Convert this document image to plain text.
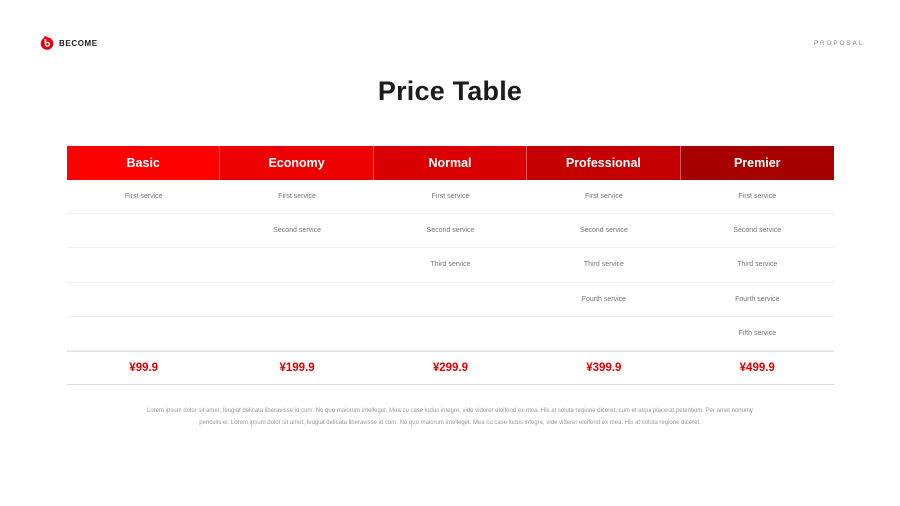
BECOME	PROPOSAL
Price Table
Basic
First service
¥99.9
Economy
First service
Second service
¥199.9
Normal
First service
Second service
Third service
¥299.9
Professional
First service
Second service
Third service
Fourth service
¥399.9
Premier
First service
Second service
Third service
Fourth service
Fifth service
¥499.9

Lorem ipsum dolor sit amet, feugiat delicata liberavisse id cum. No quo maiorum intelleget. Mea cu case ludus integre, vide viderer eleifend ex mea. His at soluta regione diceret, cum et atqui placerat petentium. Per amet nonumy periculis ei. Lorem ipsum dolor sit amet, feugiat delicata liberavisse id cum. No quo maiorum intelleget. Mea cu case ludus integre, vide viderer eleifend ex mea. His at soluta regione diceret.
